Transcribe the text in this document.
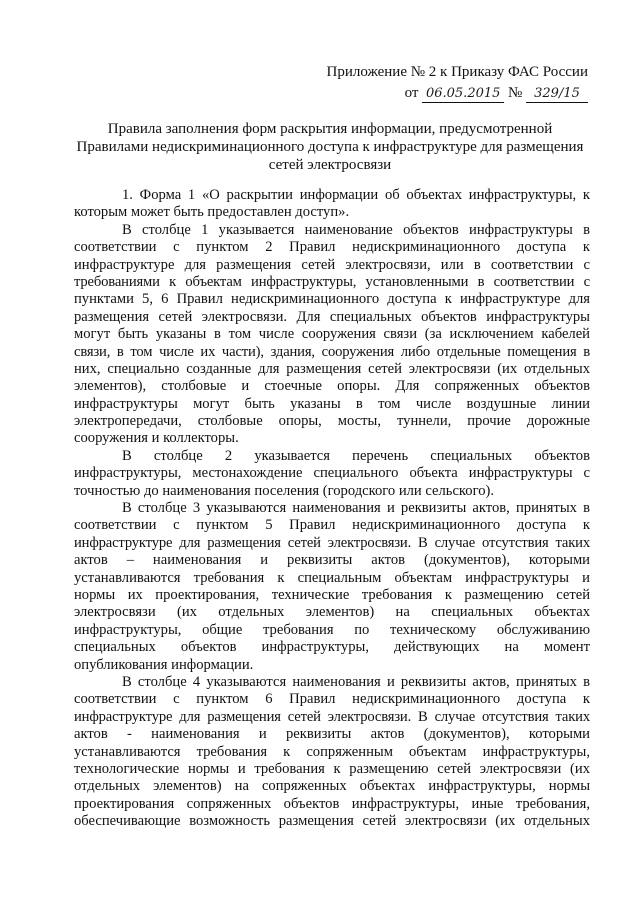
Приложение № 2 к Приказу ФАС России
от 06.05.2015 № 329/15
Правила заполнения форм раскрытия информации, предусмотренной
Правилами недискриминационного доступа к инфраструктуре для размещения
сетей электросвязи
1. Форма 1 «О раскрытии информации об объектах инфраструктуры, к
которым может быть предоставлен доступ».
В столбце 1 указывается наименование объектов инфраструктуры в
соответствии с пунктом 2 Правил недискриминационного доступа к
инфраструктуре для размещения сетей электросвязи, или в соответствии с
требованиями к объектам инфраструктуры, установленными в соответствии с
пунктами 5, 6 Правил недискриминационного доступа к инфраструктуре для
размещения сетей электросвязи. Для специальных объектов инфраструктуры
могут быть указаны в том числе сооружения связи (за исключением кабелей
связи, в том числе их части), здания, сооружения либо отдельные помещения в
них, специально созданные для размещения сетей электросвязи (их отдельных
элементов), столбовые и стоечные опоры. Для сопряженных объектов
инфраструктуры могут быть указаны в том числе воздушные линии
электропередачи, столбовые опоры, мосты, туннели, прочие дорожные
сооружения и коллекторы.
В столбце 2 указывается перечень специальных объектов
инфраструктуры, местонахождение специального объекта инфраструктуры с
точностью до наименования поселения (городского или сельского).
В столбце 3 указываются наименования и реквизиты актов, принятых в
соответствии с пунктом 5 Правил недискриминационного доступа к
инфраструктуре для размещения сетей электросвязи. В случае отсутствия таких
актов – наименования и реквизиты актов (документов), которыми
устанавливаются требования к специальным объектам инфраструктуры и
нормы их проектирования, технические требования к размещению сетей
электросвязи (их отдельных элементов) на специальных объектах
инфраструктуры, общие требования по техническому обслуживанию
специальных объектов инфраструктуры, действующих на момент
опубликования информации.
В столбце 4 указываются наименования и реквизиты актов, принятых в
соответствии с пунктом 6 Правил недискриминационного доступа к
инфраструктуре для размещения сетей электросвязи. В случае отсутствия таких
актов - наименования и реквизиты актов (документов), которыми
устанавливаются требования к сопряженным объектам инфраструктуры,
технологические нормы и требования к размещению сетей электросвязи (их
отдельных элементов) на сопряженных объектах инфраструктуры, нормы
проектирования сопряженных объектов инфраструктуры, иные требования,
обеспечивающие возможность размещения сетей электросвязи (их отдельных
